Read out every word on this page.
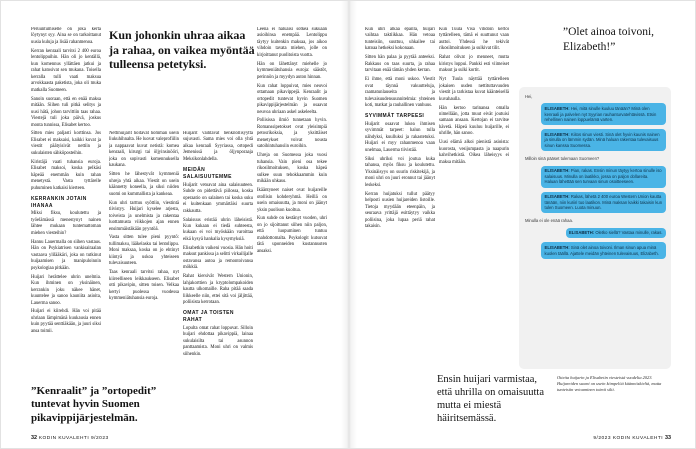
Peruuntumiselle on joka kerta löytynyt syy. Aina se on tarkoittanut uusia kuluja ja lisää rahanmenoa.
Kerran kenraali tarvitsi 2 400 euroa lentolippuihin. Hän oli jo kentällä, kun komennus yllättäen jatkui ja rahat katosivat sen mukana. Toisella kerralla tulli vaati maksua arvokkaasta paketista, joka oli muka matkalla Suomeen.
Sanoin suoraan, että en enää maksa mitään. Siihen tuli pitkä selitys ja uusi hätä, johon tarvittiin taas rahaa. Viestejä tuli joka päivä, joskus monta tunnissa, Elisabet kertoo.
Sitten mies paljasti korttinsa. Jos Elisabet ei maksaisi, kaikki kuvat ja viestit päätyisivät nettiin ja sukulaisten sähköposteihin.
Kiristäjä vaati tuhansia euroja. Elisabet maksoi, koska pelkäsi häpeää enemmän kuin rahan menetystä. Vasta tyttärelle puhuminen katkaisi kierteen.
KERRANKIN JOTAIN IHANAA
Miksi fiksu, koulutettu ja työelämässä menestynyt nainen lähtee mukaan tuntemattoman miehen viesteihin?
Hannu Lauermalla on siihen vastaus. Hän on Psykiatrisen vankisairaalan vastaava ylilääkäri, joka on tutkinut huijaamisen ja manipuloinnin psykologiaa pitkään.
Huijari herättelee uhrin unelmia. Kun ihminen on yksinäinen, kerrankin joku näkee hänet, kuuntelee ja sanoo kauniita asioita, Lauerma sanoo.
Huijari ei kiirehdi. Hän voi pitää uhriaan lämpimänä kuukausia ennen kuin pyytää senttiäkään, ja juuri siksi ansa toimii.
Kun johonkin uhraa aikaa ja rahaa, on vaikea myöntää tulleensa petetyksi.
Nettihuijarit hoitavat homman usein liukuhihnalta. He luovat valeprofiilin ja nappaavat kuvat netistä: komea kenraali, kirurgi tai öljyinsinööri, joka on sopivasti komennuksella kaukana.
Sitten he lähestyvät kymmeniä uhreja yhtä aikaa. Viestit on usein käännetty koneella, ja siksi niiden suomi on kummallista ja kankeaa.
Kun uhri tarttuu syöttiin, viestintä tiivistyy. Huijari kyselee arjesta, toiveista ja unelmista ja rakentaa luottamusta viikkojen ajan ennen ensimmäistäkään pyyntöä.
Vasta sitten tulee pieni pyyntö: tullimaksu, lääkelasku tai lentolippu. Moni maksaa, koska on jo ehtinyt kiintyä ja uskoa yhteiseen tulevaisuuteen.
Taas kenraali tarvitsi rahaa, nyt kiireelliseen leikkaukseen. Elisabet otti pikavipin, sitten toisen. Velkaa kertyi puolessa vuodessa kymmeniätuhansia euroja.
Huijarit vaihtavat henkilöllisyyttä sujuvasti. Sama mies voi olla yhtä aikaa kenraali Syyriassa, ortopedi Jemenissä ja öljynporaaja Meksikonlahdella.
MEIDÄN SALAISUUTEMME
Huijarit vetoavat aina salaisuuteen. Suhde on pidettävä piilossa, koska operaatio on salainen tai koska suku ei kuitenkaan ymmärtäisi suurta rakkautta.
Salaisuus eristää uhrin läheisistä. Kun kukaan ei tiedä suhteesta, kukaan ei voi myöskään varoittaa eikä kysyä hankalia kysymyksiä.
Elisabetkin vaikeni vuosia. Hän hoiti maksut pankissa ja selitti virkailijalle ostavansa autoa ja remontoivansa mökkiä.
Rahat kiersivät Western Unionin, lahjakorttien ja kryptolompakoiden kautta ulkomaille. Raha pitää saada liikkeelle niin, ettei sitä voi jäljittää, poliisista kerrotaan.
OMAT JA TOISTEN RAHAT
Lopulta omat rahat loppuvat. Silloin huijari ehdottaa pikavippiä, lainaa sukulaisilta tai asunnon panttaamista. Moni uhri on valmis siihenkin.
Leena ei haluaisi sotkea sukuaan asioihinsa enempää. Lentolippu täytyy kuitenkin maksaa, jos aikoo vihdoin tavata miehen, jolle on kirjoittanut puolitoista vuotta.
Hän on lähettänyt miehelle jo kymmeniätuhansia euroja: säästöt, perinnön ja myydyn auton hinnan.
Kun rahat loppuivat, mies neuvoi ottamaan pikavippejä. Kenraalit ja ortopedit tuntevat hyvin Suomen pikavippijärjestelmän ja osaavat neuvoa uhriaan askel askeleelta.
Poliisissa ilmiö tunnetaan hyvin. Romanssipetokset ovat yleisimpiä petosrikoksia, ja yksittäiset menetykset voivat nousta satoihintuhansiin euroihin.
Uhreja on Suomessa joka vuosi tuhansia. Vain pieni osa tekee rikosilmoituksen, koska häpeä sulkee suun tehokkaammin kuin mikään uhkaus.
Ikääntyneet naiset ovat huijareille otollisin kohderyhmä. Heillä on usein omaisuutta, ja moni on jäänyt yksin puolison kuoltua.
Kun suhde on kestänyt vuoden, uhri on jo sijoittanut siihen niin paljon, että luopuminen tuntuu mahdottomalta. Psykologit kutsuvat tätä uponneiden kustannusten ansaksi.
”Kenraalit” ja ”ortopedit” tuntevat hyvin Suomen pikavippijärjestelmän.
32 KODIN KUVALEHTI 9/2023
Kun uhri alkaa epäillä, huijari vaihtaa taktiikkaa. Hän vetoaa tunteisiin, suuttuu, uhkailee tai katoaa hetkeksi kokonaan.
Sitten hän palaa ja pyytää anteeksi. Rakkaus on taas suurta, ja rahaa tarvitaan enää tämän yhden kerran.
Ei ihme, että moni uskoo. Viestit ovat täynnä vakuutteluja, raamatunlauseita ja tulevaisuudensuunnitelmia: yhteinen koti, matkat ja rauhallinen vanhuus.
SYVIMMÄT TARPEESI
Huijarit osaavat lukea ihmisen syvimmät tarpeet: halun tulla nähdyksi, kuulluksi ja rakastetuksi. Huijari ei myy rahanmenoa vaan unelmaa, Lauerma tiivistää.
Siksi uhriksi voi joutua kuka tahansa, myös fiksu ja koulutettu. Yksinäisyys on suurin riskitekijä, ja moni uhri on juuri eronnut tai jäänyt leskeksi.
Kerran huijatuksi tullut päätyy helposti uusien huijareiden listoille. Tietoja myydään eteenpäin, ja seuraava yrittäjä esittäytyy vaikka poliisina, joka lupaa periä rahat takaisin.
Kun Tuula Visa vihdoin kertoi tyttärelleen, tämä ei suuttunut vaan auttoi. Yhdessä he tekivät rikosilmoituksen ja sulkivat tilit.
Rahat olivat jo menneet, mutta kiristys loppui. Pankki esti viimeiset maksut ja sulki kortit.
Nyt Tuula näyttää tyttärelleen jokaisen uuden nettituttavuuden viestit ja tarkistaa kuvat käänteisellä kuvahaulla.
Hän kertoo tarinansa omalla nimellään, jotta muut eivät joutuisi samaan ansaan. Kertojan ei tarvitse hävetä. Häpeä kuuluu huijarille, ei uhrille, hän sanoo.
Uusi elämä alkoi pienistä asioista: kuorosta, vesijumpasta ja naapurin kahvihetkistä. Oikea läheisyys ei maksa mitään.
”Olet ainoa toivoni, Elizabeth!”
Hei,
ELISABETH: Hei, mitä sinulle kuuluu tänään? Minä olen kenraali ja palvelen nyt Syyrian rauhanturvatehtävissä. Etsin rehellinen nainen loppuelämä varten.
ELISABETH: Kiitos sinun viesti. Sinä olet hyvin kaunis nainen ja sinulla on lämmin sydän. Minä haluan rakentaa tulevaisuus sinun kanssa Suomessa.
Milloin sinä pääset tulemaan Suomeen?
ELISABETH: Pian, rakas. Ensin minun täytyy kertoa sinulle iso salaisuus. Minulla on laatikko, jossa on paljon dollareita. Haluan lähettää sen turvaan sinun osoitteeseen.
ELISABETH: Rakas, lähetä 2 400 euroa Western Union kautta tänään, niin kuriiri tuo laatikon. Minä maksan kaikki takaisin kun tulen Suomeen. Luota minuun.
Minulla ei ole enää rahaa.
ELISABETH: Oletko siellä? Vastaa minulle, rakas.
ELISABETH: Sinä olet ainoa toivoni. Ilman sinun apua minä kuolen täällä. Ajattele meidän yhteinen tulevaisuus, Elizabeth.
Otteita huijarin ja Elisabetin viesteistä vuodelta 2023. Huijareiden suomi on usein kömpelöä käännöskieltä, mutta tunteisiin vetoaminen toimii silti.
Ensin huijari varmistaa, että uhrilla on omaisuutta mutta ei miestä häiritsemässä.
9/2023 KODIN KUVALEHTI 33
